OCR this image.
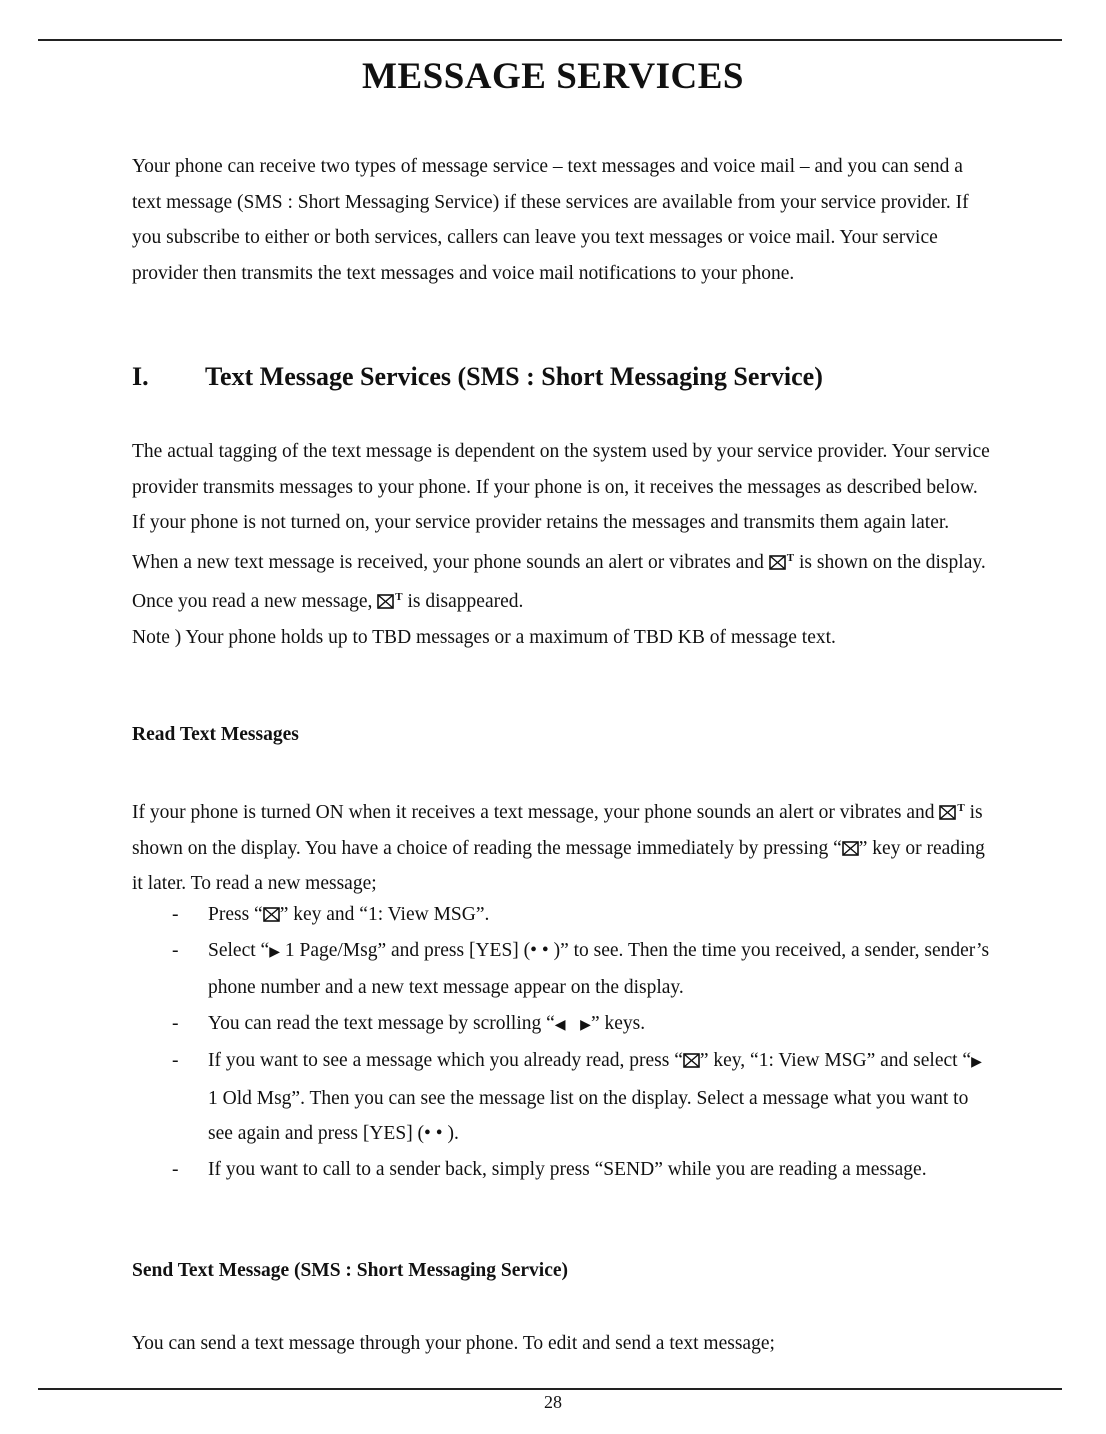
MESSAGE SERVICES
Your phone can receive two types of message service – text messages and voice mail – and you can send a text message (SMS : Short Messaging Service) if these services are available from your service provider. If you subscribe to either or both services, callers can leave you text messages or voice mail. Your service provider then transmits the text messages and voice mail notifications to your phone.
I. Text Message Services (SMS : Short Messaging Service)
The actual tagging of the text message is dependent on the system used by your service provider. Your service provider transmits messages to your phone. If your phone is on, it receives the messages as described below. If your phone is not turned on, your service provider retains the messages and transmits them again later.
When a new text message is received, your phone sounds an alert or vibrates and $^T$ is shown on the display. Once you read a new message, $^T$ is disappeared.
Note ) Your phone holds up to TBD messages or a maximum of TBD KB of message text.
Read Text Messages
If your phone is turned ON when it receives a text message, your phone sounds an alert or vibrates and $^T$ is shown on the display. You have a choice of reading the message immediately by pressing “ ” key or reading it later. To read a new message;
- Press “ ” key and “1: View MSG”.
- Select “▶ 1 Page/Msg” and press [YES] (• • )” to see. Then the time you received, a sender, sender’s phone number and a new text message appear on the display.
- You can read the text message by scrolling “◀ ▶” keys.
- If you want to see a message which you already read, press “ ” key, “1: View MSG” and select “▶ 1 Old Msg”. Then you can see the message list on the display. Select a message what you want to see again and press [YES] (• • ).
- If you want to call to a sender back, simply press “SEND” while you are reading a message.
Send Text Message (SMS : Short Messaging Service)
You can send a text message through your phone. To edit and send a text message;
28
